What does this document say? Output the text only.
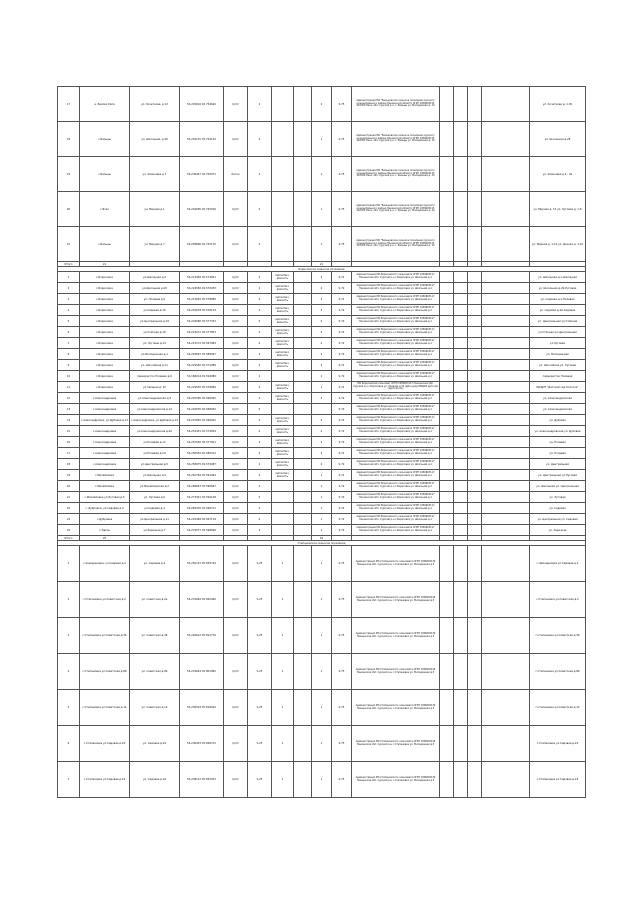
17	а. Белово Репа	ул. Кочеткова, д 12	54.245616 45.754620	гр/пг	2			1	0,75	Администрация МО "Бельцовское сельское поселение Сурского муниципального района Пензенской области ОГРН 1056603115 442300 Пенз. обл. Сурский р-н, с. Бельцы ул. Молодежная д. 10					ул. Кочеткова д. 1-30
18	с.Бельцы	ул. Школьная, д 28	54.244115 45.754122	гр/пг	2			1	0,75	Администрация МО "Бельцовское сельское поселение Сурского муниципального района Пензенской области ОГРН 1056603115 442300 Пенз. обл. Сурский р-н, с. Бельцы ул. Молодежная д. 10					ул. Школьная д.28
19	с.Бельцы	ул. Фомичева д 7	54.236447 45.700071	бетон	2			1	0,75	Администрация МО "Бельцовское сельское поселение Сурского муниципального района Пензенской области ОГРН 1056603115 442300 Пенз. обл. Сурский р-н, с. Бельцы ул. Молодежная д. 10					ул. Фомичева д.2 - 9а
20	с.Ясак	ул. Мирная д.1	54.244095 45.725916	гр/пг	2			1	0,75	Администрация МО "Бельцовское сельское поселение Сурского муниципального района Пензенской области ОГРН 1056603115 442300 Пенз. обл. Сурский р-н, с. Бельцы ул. Молодежная д. 10					ул. Мирная д. 15 ул. Луговая д. 1-8
21	с.Бельцы	ул. Мирная д.7	54.258890 45.725170	гр/пг	2			1	0,75	Администрация МО "Бельцовское сельское поселение Сурского муниципального района Пензенской области ОГРН 1056603115 442300 Пенз. обл. Сурский р-н, с. Бельцы ул. Молодежная д. 10					ул. Мирная д. 1-10 ул. Дачная д. 1-10
Итого	21							21							
Борисовское сельское поселение															
1	с.Борисовка	ул.Школьная д.2	54.213448 45.574651	гр/пг	2	металлич. ёмкость		2	0,72	Администрация МО Борисовского сельсовета ОГРН 1056603117 Пензенская обл. Сурский р-н с.Борисовка ул. Школьная д.1					ул. Школьная д.1-Школьная
2	с.Борисовка	ул.Школьная д.20	54.224582 45.570033	гр/пг	2	металлич. ёмкость		2	0,72	Администрация МО Борисовского сельсовета ОГРН 1056603117 Пензенская обл. Сурский р-н с.Борисовка ул. Школьная д.1					ул. Школьная д.20-Луговая
3	с.Борисовка	ул. Полевая д.5	54.213081 45.578884	гр/пг	2	металлич. ёмкость		2	0,72	Администрация МО Борисовского сельсовета ОГРН 1056603117 Пензенская обл. Сурский р-н с.Борисовка ул. Школьная д.1					ул. Садовая д.1-Полевая
4	с.Борисовка	ул.Садовая д.16	54.216678 45.578119	гр/пг	2	металлич. ёмкость		2	0,72	Администрация МО Борисовского сельсовета ОГРН 1056603117 Пензенская обл. Сурский р-н с.Борисовка ул. Школьная д.1					ул. Садовая д.16-Садовая
5	с.Борисовка	ул.Центральная д.19	54.224066 45.577332	гр/пг	2	металлич. ёмкость		2	0,72	Администрация МО Борисовского сельсовета ОГРН 1056603117 Пензенская обл. Сурский р-н с.Борисовка ул. Школьная д.1					ул. Центральная ул.Степная
6	с.Борисовка	ул.Степная д.18	54.223272 45.577823	гр/пг	2	металлич. ёмкость		2	0,72	Администрация МО Борисовского сельсовета ОГРН 1056603117 Пензенская обл. Сурский р-н с.Борисовка ул. Школьная д.1					ул.Степная ул.Центральная
7	с.Борисовка	ул. Луговая д.13	54.213172 45.567984	гр/пг	2	металлич. ёмкость		2	0,72	Администрация МО Борисовского сельсовета ОГРН 1056603117 Пензенская обл. Сурский р-н с.Борисовка ул. Школьная д.1					ул.Луговая
8	с.Борисовка	ул.Молодежная д.1	54.218897 45.588467	гр/пг	2	металлич. ёмкость		2	0,72	Администрация МО Борисовского сельсовета ОГРН 1056603117 Пензенская обл. Сурский р-н с.Борисовка ул. Школьная д.1					ул. Молодежная
9	с.Борисовка	ул. Шоссейная д.11	54.229540 45.571089	гр/пг	2	металлич. ёмкость		2	0,72	Администрация МО Борисовского сельсовета ОГРН 1056603117 Пензенская обл. Сурский р-н с.Борисовка ул. Школьная д.1					ул. Шоссейная ул. Луговая
10	с.Борисовка	перекресток Полевая д.6	54.168214 45.594980	гр/пг	2			1	0,72	Администрация МО Борисовского сельсовета ОГРН 1056603117 Пензенская обл. Сурский р-н с.Борисовка ул. Школьная д.1					перекресток Полевая
11	с.Борисовка	ул.Зеленая д. 22	54.229555 45.578984	гр/пг	2	металлич. ёмкость		1	0,72	МО Борисовский сельсовет ОГРН 1056603117 Пензенская обл. Сурский р-н с.Борисовка ул. Зеленая д.22 (Для нужд МКДОУ детский сад Колосок)					МКДОУ "Детский сад Колосок"
12	с.Александровка	ул.Александровская д.3	54.245395 45.566025	гр/пг	2	металлич. ёмкость		2	0,72	Администрация МО Борисовского сельсовета ОГРН 1056603117 Пензенская обл. Сурский р-н с.Борисовка ул. Школьная д.1					ул. Александровская
13	с.Александровка	ул.Александровская д.14	54.244535 45.568052	гр/пг	2				0,72	Администрация МО Борисовского сельсовета ОГРН 1056603117 Пензенская обл. Сурский р-н с.Борисовка ул. Школьная д.1					ул. Александровская
14	с.Александровка, ул.Дубовая д.12	с.Александровка, ул.Дубовая д.12	54.247845 45.566022	гр/пг	2	металлич. ёмкость		2	0,72	Администрация МО Борисовского сельсовета ОГРН 1056603117 Пензенская обл. Сурский р-н с.Борисовка ул. Школьная д.1					ул. Дубовая
15	с.Александровка	ул.Александровская д.20	54.251451 45.574054	гр/пг	2	металлич. ёмкость		2	0,72	Администрация МО Борисовского сельсовета ОГРН 1056603117 Пензенская обл. Сурский р-н с.Борисовка ул. Школьная д.1					ул. Александровская ул. Дубовая
16	с.Александровка	ул.Полевая д.12	54.257050 45.577001	гр/пг	2	металлич. ёмкость		2	0,72	Администрация МО Борисовского сельсовета ОГРН 1056603117 Пензенская обл. Сурский р-н с.Борисовка ул. Школьная д.1					ул. Полевая
17	с.Александровка	ул.Полевая д.24	54.256052 45.580312	гр/пг	2	металлич. ёмкость		2	0,72	Администрация МО Борисовского сельсовета ОГРН 1056603117 Пензенская обл. Сурский р-н с.Борисовка ул. Школьная д.1					ул. Полевая
18	с.Александровка	ул.Центральная д.5	54.258975 45.579487	гр/пг	2	металлич. ёмкость		2	0,72	Администрация МО Борисовского сельсовета ОГРН 1056603117 Пензенская обл. Сурский р-н с.Борисовка ул. Школьная д.1					ул. Центральная
19	с.Михайловка	ул.Школьная д.5	54.261764 45.591494	гр/пг	2	металлич. ёмкость		1	0,72	Администрация МО Борисовского сельсовета ОГРН 1056603117 Пензенская обл. Сурский р-н с.Борисовка ул. Школьная д.1					ул. Центральная ул.Луговая
20	с.Михайловка	ул.Михайловская д.2	54.266667 45.596667	гр/пг	2			1	0,72	Администрация МО Борисовского сельсовета ОГРН 1056603117 Пензенская обл. Сурский р-н с.Борисовка ул. Школьная д.1					ул. Школьная ул. Центральная
21	с.Михайловка ул.Луговая д.5	ул. Луговая д.6	54.273421 45.594128	гр/пг	2			1	0,72	Администрация МО Борисовского сельсовета ОГРН 1056603117 Пензенская обл. Сурский р-н с.Борисовка ул. Школьная д.1					ул. Луговая
22	с. Дубровка, ул.Садовая д.4	ул.Садовая д.4	54.284376 45.568711	гр/пг	2			1	0,72	Администрация МО Борисовского сельсовета ОГРН 1056603117 Пензенская обл. Сурский р-н с.Борисовка ул. Школьная д.1					ул. Садовая
23	с.Дубровка	ул.Центральная д.11	54.291484 45.567119	гр/пг	2			1	0,72	Администрация МО Борисовского сельсовета ОГРН 1056603117 Пензенская обл. Сурский р-н с.Борисовка ул. Школьная д.1					ул. Центральная ул. Садовая
24	с.Тарлы	ул.Заречная д.7	54.279077 45.598566	гр/пг	2			1	0,72	Администрация МО Борисовского сельсовета ОГРН 1056603117 Пензенская обл. Сурский р-н с.Борисовка ул. Школьная д.1					ул. Заречная
Итого	25							42							
Степановское сельское поселение															
1	с.Чемодановка, ул.Садовая д.2	ул. Садовая д.2	54.250121 45.835744	гр/пг	2,25	1		1	0,75	Администрация МО Степановского сельсовета ОГРН 1056603120 Пензенская обл. Сурский р-н с.Степановка ул. Молодежная д.5					с.Чемодановка ул.Садовая д.2
2	с.Степановка ул.Советская д.2	ул. Советская д.2а	54.231664 45.820400	гр/пг	2,25	1		1	0,75	Администрация МО Степановского сельсовета ОГРН 1056603120 Пензенская обл. Сурский р-н с.Степановка ул. Молодежная д.5					с.Степановка ул.Советская д.2
3	с.Степановка ул.Советская д.36	ул. Советская д.36	54.226612 45.812776	гр/пг	2,25	1		1	0,75	Администрация МО Степановского сельсовета ОГРН 1056603120 Пензенская обл. Сурский р-н с.Степановка ул. Молодежная д.5					с.Степановка ул.Советская д.36
4	с.Степановка ул.Советская д.86	ул. Советская д.86	54.219644 45.801982	гр/пг	2,25	1		1	0,75	Администрация МО Степановского сельсовета ОГРН 1056603120 Пензенская обл. Сурский р-н с.Степановка ул. Молодежная д.5					с.Степановка ул.Советская д.86
5	с.Степановка ул.Советская д.12	ул. Советская д.12	54.230524 45.818202	гр/пг	2,25	1		1	0,75	Администрация МО Степановского сельсовета ОГРН 1056603120 Пензенская обл. Сурский р-н с.Степановка ул. Молодежная д.5					с.Степановка ул.Советская д.12
6	с.Степановка ул.Садовая д.24	ул. Садовая д.24	54.236453 45.828712	гр/пг	2,25	1		1	0,75	Администрация МО Степановского сельсовета ОГРН 1056603120 Пензенская обл. Сурский р-н с.Степановка ул. Молодежная д.5					с.Степановка ул.Садовая д.24
7	с.Степановка ул.Садовая д.16	ул. Садовая д.16	54.238112 45.832201	гр/пг	2,25	1		1	0,75	Администрация МО Степановского сельсовета ОГРН 1056603120 Пензенская обл. Сурский р-н с.Степановка ул. Молодежная д.5					с.Степановка ул.Садовая д.16
